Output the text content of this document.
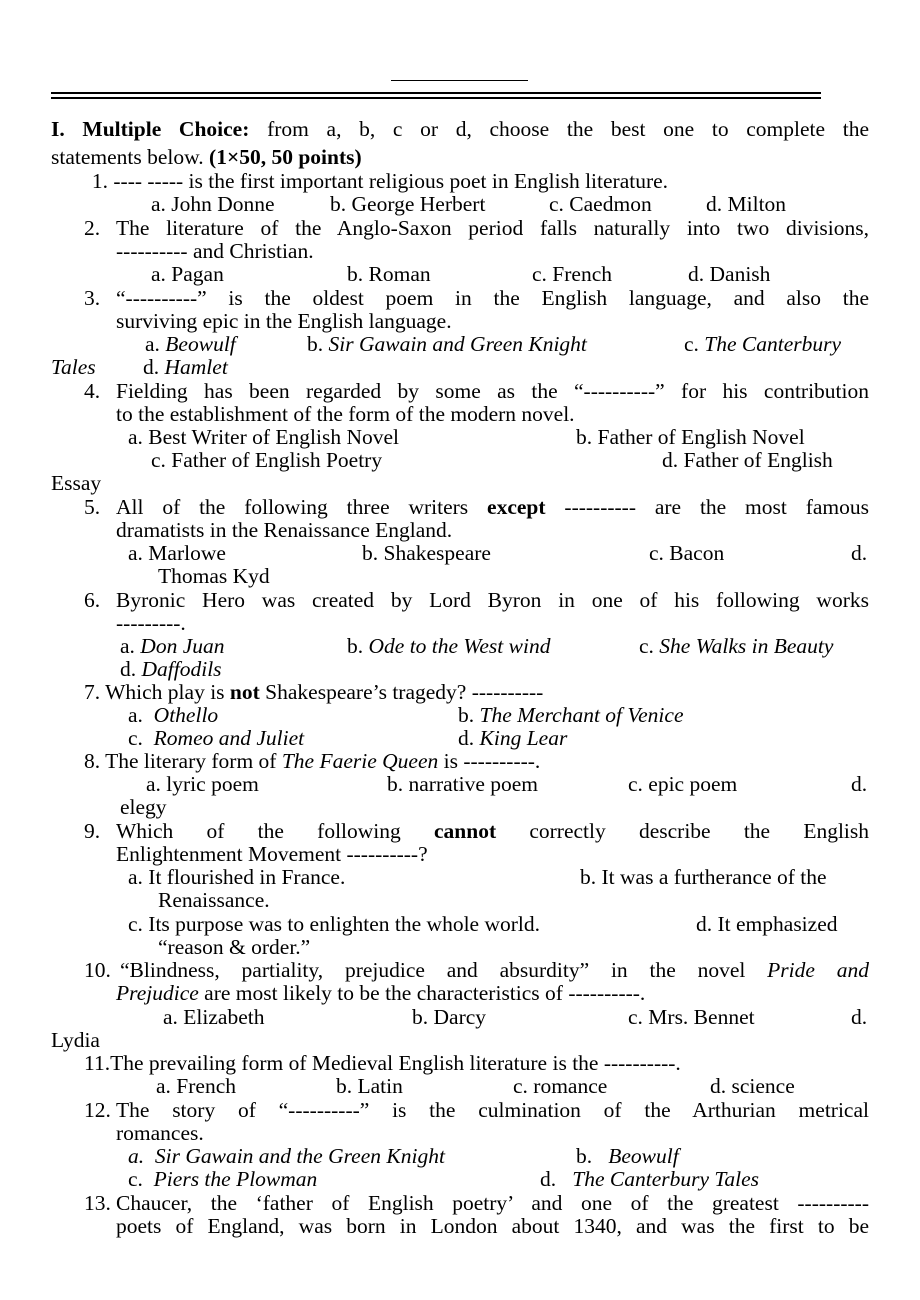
I. Multiple Choice: from a, b, c or d, choose the best one to complete the
statements below. (1×50, 50 points)
1. ---- ----- is the first important religious poet in English literature.
a. John Donne	b. George Herbert	c. Caedmon	d. Milton
2. The literature of the Anglo-Saxon period falls naturally into two divisions,
---------- and Christian.
a. Pagan	b. Roman	c. French	d. Danish
3. “----------” is the oldest poem in the English language, and also the
surviving epic in the English language.
a. Beowulf	b. Sir Gawain and Green Knight	c. The Canterbury
Tales d. Hamlet
4. Fielding has been regarded by some as the “----------” for his contribution
to the establishment of the form of the modern novel.
a. Best Writer of English Novel	b. Father of English Novel
c. Father of English Poetry	d. Father of English
Essay
5. All of the following three writers except ---------- are the most famous
dramatists in the Renaissance England.
a. Marlowe	b. Shakespeare	c. Bacon	d.
Thomas Kyd
6. Byronic Hero was created by Lord Byron in one of his following works
---------.
a. Don Juan	b. Ode to the West wind	c. She Walks in Beauty
d. Daffodils
7. Which play is not Shakespeare’s tragedy? ----------
a. Othello	b. The Merchant of Venice
c. Romeo and Juliet	d. King Lear
8. The literary form of The Faerie Queen is ----------.
a. lyric poem	b. narrative poem	c. epic poem	d.
elegy
9. Which of the following cannot correctly describe the English
Enlightenment Movement ----------?
a. It flourished in France.	b. It was a furtherance of the
Renaissance.
c. Its purpose was to enlighten the whole world.	d. It emphasized
“reason & order.”
10. “Blindness, partiality, prejudice and absurdity” in the novel Pride and
Prejudice are most likely to be the characteristics of ----------.
a. Elizabeth	b. Darcy	c. Mrs. Bennet	d.
Lydia
11.The prevailing form of Medieval English literature is the ----------.
a. French	b. Latin	c. romance	d. science
12. The story of “----------” is the culmination of the Arthurian metrical
romances.
a. Sir Gawain and the Green Knight	b. Beowulf
c. Piers the Plowman	d. The Canterbury Tales
13. Chaucer, the ‘father of English poetry’ and one of the greatest ----------
poets of England, was born in London about 1340, and was the first to be
